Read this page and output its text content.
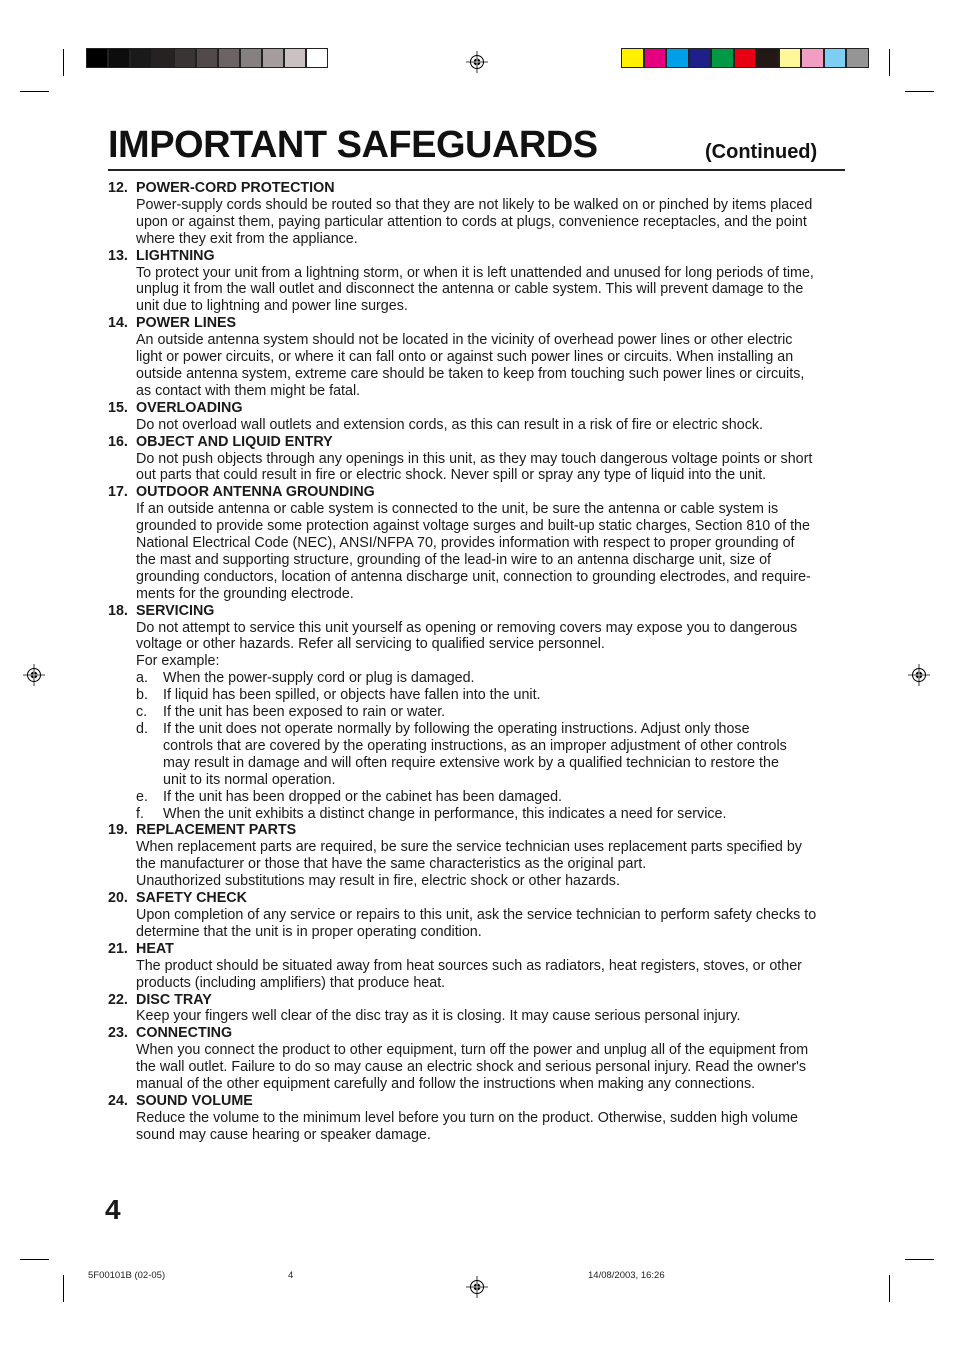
IMPORTANT SAFEGUARDS	(Continued)
12. POWER-CORD PROTECTION
Power-supply cords should be routed so that they are not likely to be walked on or pinched by items placed
upon or against them, paying particular attention to cords at plugs, convenience receptacles, and the point
where they exit from the appliance.
13. LIGHTNING
To protect your unit from a lightning storm, or when it is left unattended and unused for long periods of time,
unplug it from the wall outlet and disconnect the antenna or cable system. This will prevent damage to the
unit due to lightning and power line surges.
14. POWER LINES
An outside antenna system should not be located in the vicinity of overhead power lines or other electric
light or power circuits, or where it can fall onto or against such power lines or circuits. When installing an
outside antenna system, extreme care should be taken to keep from touching such power lines or circuits,
as contact with them might be fatal.
15. OVERLOADING
Do not overload wall outlets and extension cords, as this can result in a risk of fire or electric shock.
16. OBJECT AND LIQUID ENTRY
Do not push objects through any openings in this unit, as they may touch dangerous voltage points or short
out parts that could result in fire or electric shock. Never spill or spray any type of liquid into the unit.
17. OUTDOOR ANTENNA GROUNDING
If an outside antenna or cable system is connected to the unit, be sure the antenna or cable system is
grounded to provide some protection against voltage surges and built-up static charges, Section 810 of the
National Electrical Code (NEC), ANSI/NFPA 70, provides information with respect to proper grounding of
the mast and supporting structure, grounding of the lead-in wire to an antenna discharge unit, size of
grounding conductors, location of antenna discharge unit, connection to grounding electrodes, and require-
ments for the grounding electrode.
18. SERVICING
Do not attempt to service this unit yourself as opening or removing covers may expose you to dangerous
voltage or other hazards. Refer all servicing to qualified service personnel.
For example:
a. When the power-supply cord or plug is damaged.
b. If liquid has been spilled, or objects have fallen into the unit.
c. If the unit has been exposed to rain or water.
d. If the unit does not operate normally by following the operating instructions. Adjust only those
controls that are covered by the operating instructions, as an improper adjustment of other controls
may result in damage and will often require extensive work by a qualified technician to restore the
unit to its normal operation.
e. If the unit has been dropped or the cabinet has been damaged.
f. When the unit exhibits a distinct change in performance, this indicates a need for service.
19. REPLACEMENT PARTS
When replacement parts are required, be sure the service technician uses replacement parts specified by
the manufacturer or those that have the same characteristics as the original part.
Unauthorized substitutions may result in fire, electric shock or other hazards.
20. SAFETY CHECK
Upon completion of any service or repairs to this unit, ask the service technician to perform safety checks to
determine that the unit is in proper operating condition.
21. HEAT
The product should be situated away from heat sources such as radiators, heat registers, stoves, or other
products (including amplifiers) that produce heat.
22. DISC TRAY
Keep your fingers well clear of the disc tray as it is closing. It may cause serious personal injury.
23. CONNECTING
When you connect the product to other equipment, turn off the power and unplug all of the equipment from
the wall outlet. Failure to do so may cause an electric shock and serious personal injury. Read the owner's
manual of the other equipment carefully and follow the instructions when making any connections.
24. SOUND VOLUME
Reduce the volume to the minimum level before you turn on the product. Otherwise, sudden high volume
sound may cause hearing or speaker damage.
4
5F00101B (02-05)	4	14/08/2003, 16:26
